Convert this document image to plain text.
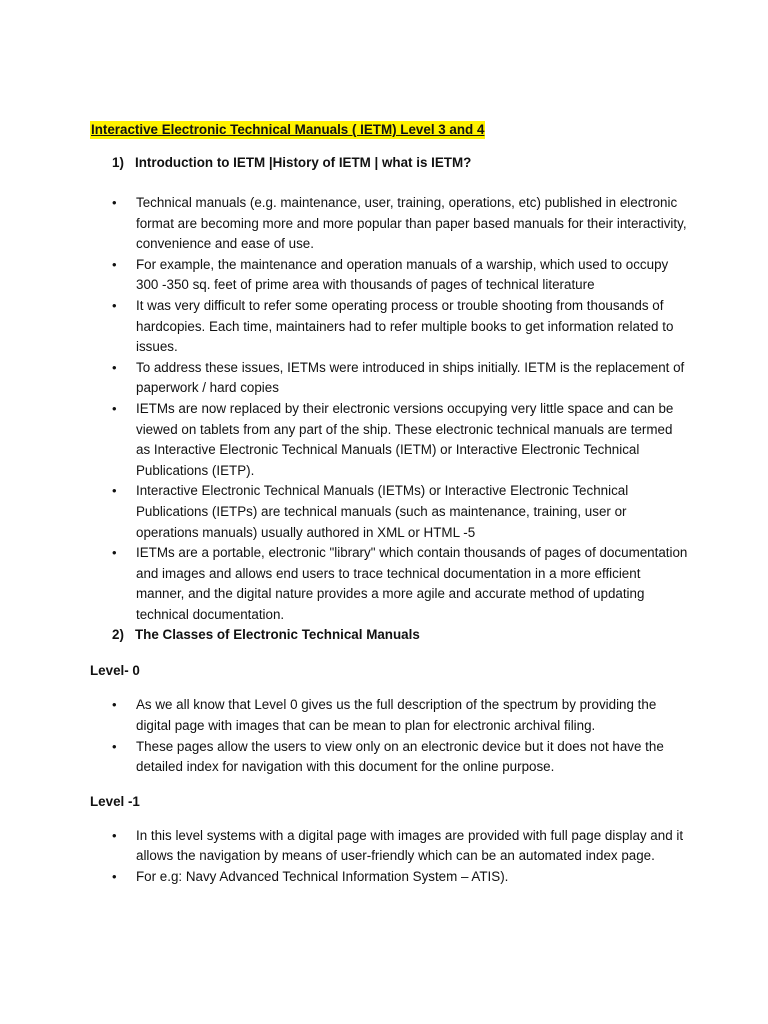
Interactive Electronic Technical Manuals ( IETM) Level 3 and 4
1) Introduction to IETM |History of IETM | what is IETM?
• Technical manuals (e.g. maintenance, user, training, operations, etc) published in electronic format are becoming more and more popular than paper based manuals for their interactivity, convenience and ease of use.
• For example, the maintenance and operation manuals of a warship, which used to occupy 300 -350 sq. feet of prime area with thousands of pages of technical literature
• It was very difficult to refer some operating process or trouble shooting from thousands of hardcopies. Each time, maintainers had to refer multiple books to get information related to issues.
• To address these issues, IETMs were introduced in ships initially. IETM is the replacement of paperwork / hard copies
• IETMs are now replaced by their electronic versions occupying very little space and can be viewed on tablets from any part of the ship. These electronic technical manuals are termed as Interactive Electronic Technical Manuals (IETM) or Interactive Electronic Technical Publications (IETP).
• Interactive Electronic Technical Manuals (IETMs) or Interactive Electronic Technical Publications (IETPs) are technical manuals (such as maintenance, training, user or operations manuals) usually authored in XML or HTML -5
• IETMs are a portable, electronic "library" which contain thousands of pages of documentation and images and allows end users to trace technical documentation in a more efficient manner, and the digital nature provides a more agile and accurate method of updating technical documentation.
2) The Classes of Electronic Technical Manuals
Level- 0
• As we all know that Level 0 gives us the full description of the spectrum by providing the digital page with images that can be mean to plan for electronic archival filing.
• These pages allow the users to view only on an electronic device but it does not have the detailed index for navigation with this document for the online purpose.
Level -1
• In this level systems with a digital page with images are provided with full page display and it allows the navigation by means of user-friendly which can be an automated index page.
• For e.g: Navy Advanced Technical Information System – ATIS).
